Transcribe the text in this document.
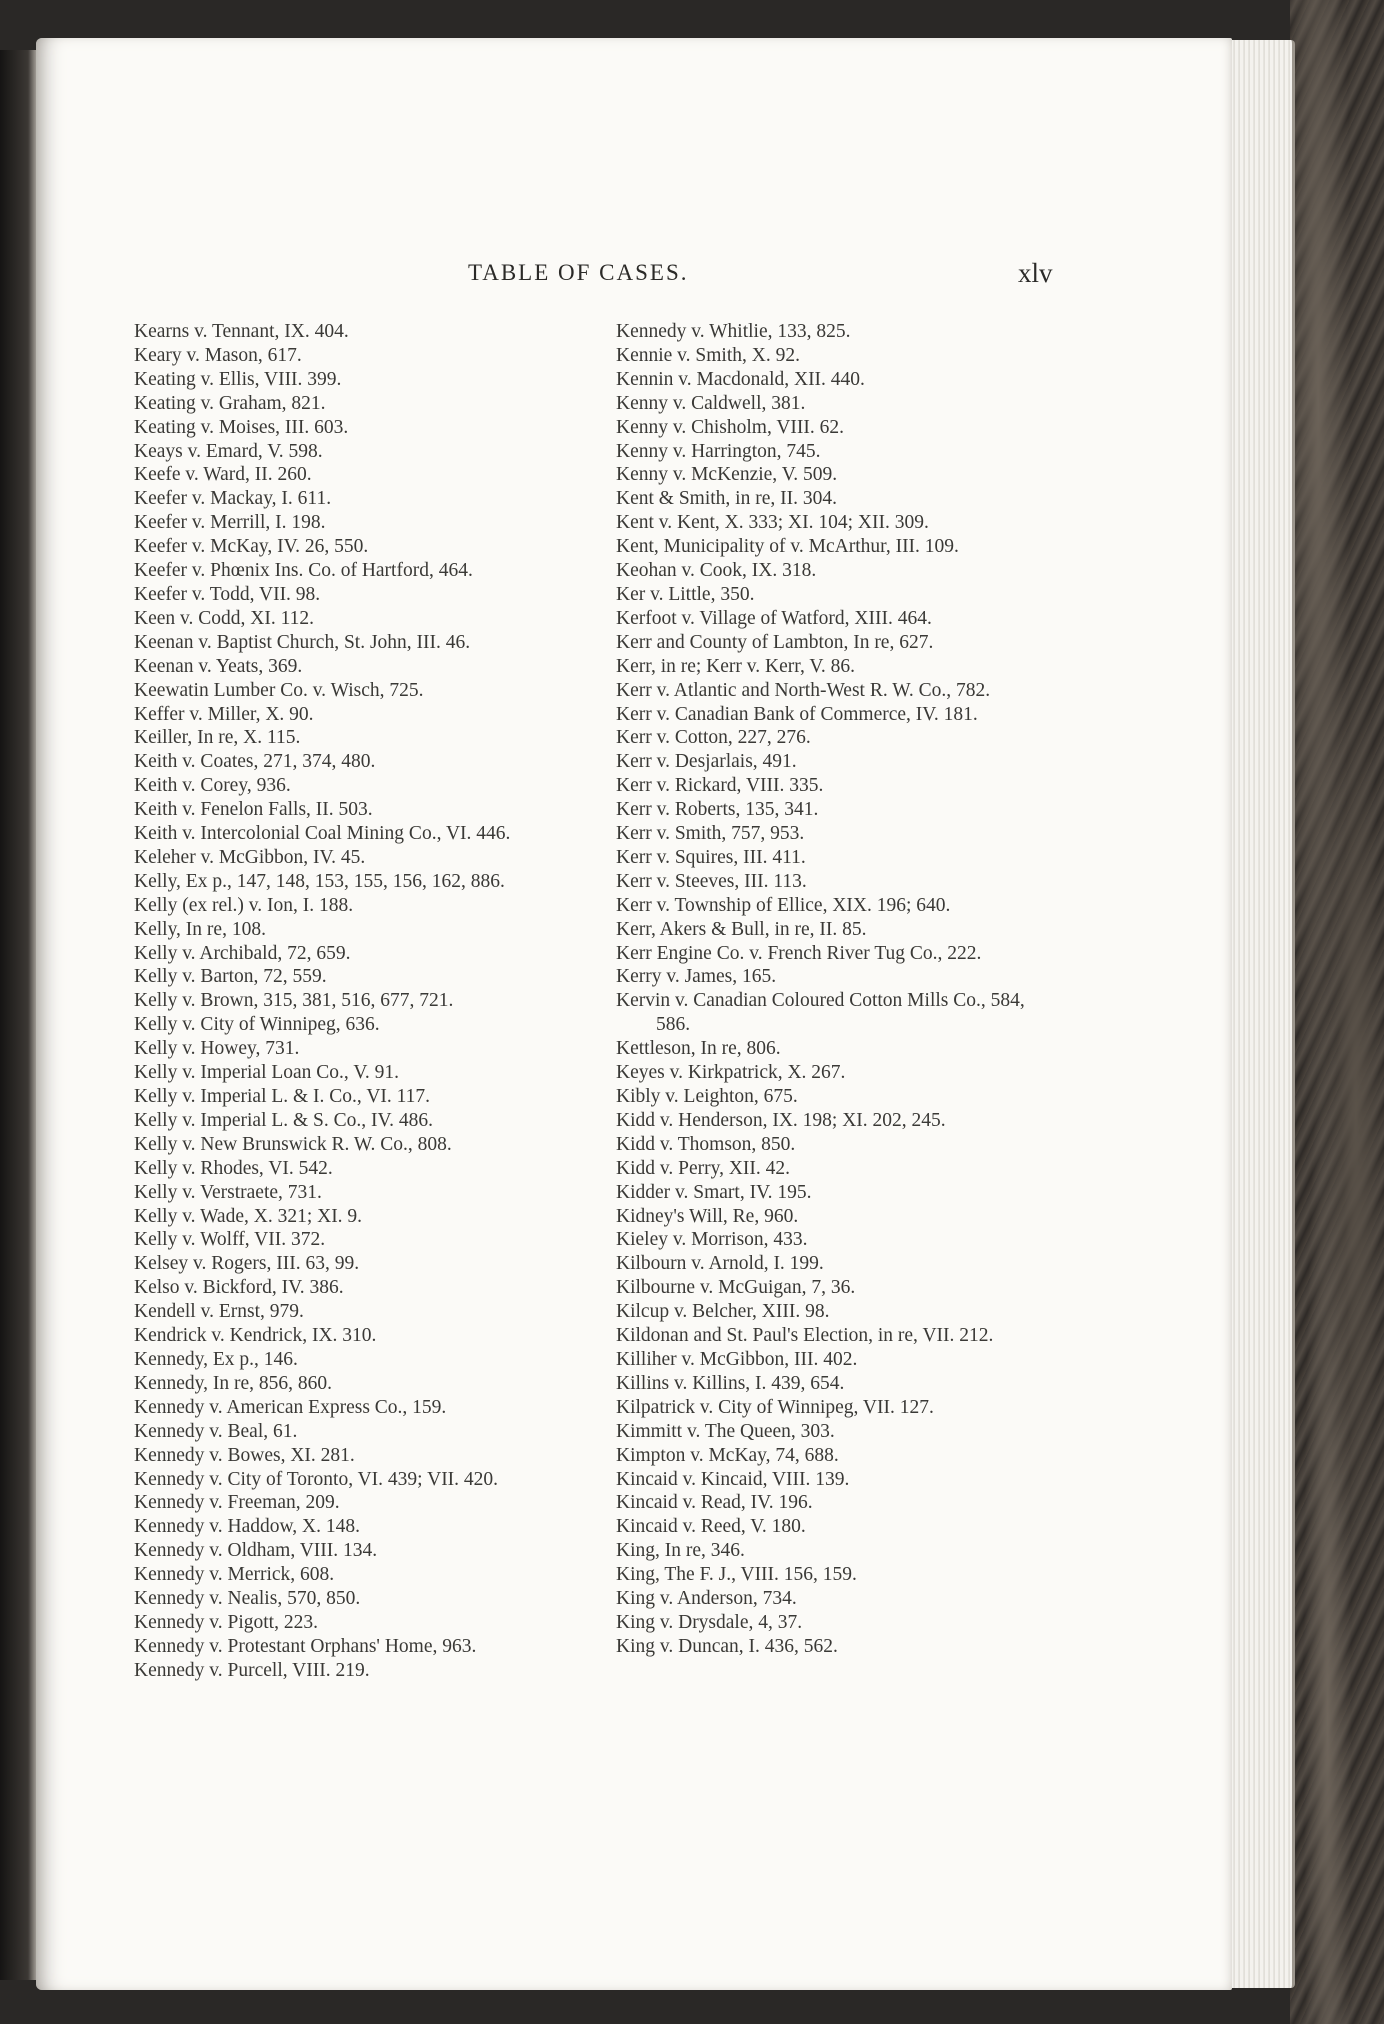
TABLE OF CASES.	xlv
Kearns v. Tennant, IX. 404.
Keary v. Mason, 617.
Keating v. Ellis, VIII. 399.
Keating v. Graham, 821.
Keating v. Moises, III. 603.
Keays v. Emard, V. 598.
Keefe v. Ward, II. 260.
Keefer v. Mackay, I. 611.
Keefer v. Merrill, I. 198.
Keefer v. McKay, IV. 26, 550.
Keefer v. Phœnix Ins. Co. of Hartford, 464.
Keefer v. Todd, VII. 98.
Keen v. Codd, XI. 112.
Keenan v. Baptist Church, St. John, III. 46.
Keenan v. Yeats, 369.
Keewatin Lumber Co. v. Wisch, 725.
Keffer v. Miller, X. 90.
Keiller, In re, X. 115.
Keith v. Coates, 271, 374, 480.
Keith v. Corey, 936.
Keith v. Fenelon Falls, II. 503.
Keith v. Intercolonial Coal Mining Co., VI. 446.
Keleher v. McGibbon, IV. 45.
Kelly, Ex p., 147, 148, 153, 155, 156, 162, 886.
Kelly (ex rel.) v. Ion, I. 188.
Kelly, In re, 108.
Kelly v. Archibald, 72, 659.
Kelly v. Barton, 72, 559.
Kelly v. Brown, 315, 381, 516, 677, 721.
Kelly v. City of Winnipeg, 636.
Kelly v. Howey, 731.
Kelly v. Imperial Loan Co., V. 91.
Kelly v. Imperial L. & I. Co., VI. 117.
Kelly v. Imperial L. & S. Co., IV. 486.
Kelly v. New Brunswick R. W. Co., 808.
Kelly v. Rhodes, VI. 542.
Kelly v. Verstraete, 731.
Kelly v. Wade, X. 321; XI. 9.
Kelly v. Wolff, VII. 372.
Kelsey v. Rogers, III. 63, 99.
Kelso v. Bickford, IV. 386.
Kendell v. Ernst, 979.
Kendrick v. Kendrick, IX. 310.
Kennedy, Ex p., 146.
Kennedy, In re, 856, 860.
Kennedy v. American Express Co., 159.
Kennedy v. Beal, 61.
Kennedy v. Bowes, XI. 281.
Kennedy v. City of Toronto, VI. 439; VII. 420.
Kennedy v. Freeman, 209.
Kennedy v. Haddow, X. 148.
Kennedy v. Oldham, VIII. 134.
Kennedy v. Merrick, 608.
Kennedy v. Nealis, 570, 850.
Kennedy v. Pigott, 223.
Kennedy v. Protestant Orphans' Home, 963.
Kennedy v. Purcell, VIII. 219.
Kennedy v. Whitlie, 133, 825.
Kennie v. Smith, X. 92.
Kennin v. Macdonald, XII. 440.
Kenny v. Caldwell, 381.
Kenny v. Chisholm, VIII. 62.
Kenny v. Harrington, 745.
Kenny v. McKenzie, V. 509.
Kent & Smith, in re, II. 304.
Kent v. Kent, X. 333; XI. 104; XII. 309.
Kent, Municipality of v. McArthur, III. 109.
Keohan v. Cook, IX. 318.
Ker v. Little, 350.
Kerfoot v. Village of Watford, XIII. 464.
Kerr and County of Lambton, In re, 627.
Kerr, in re; Kerr v. Kerr, V. 86.
Kerr v. Atlantic and North-West R. W. Co., 782.
Kerr v. Canadian Bank of Commerce, IV. 181.
Kerr v. Cotton, 227, 276.
Kerr v. Desjarlais, 491.
Kerr v. Rickard, VIII. 335.
Kerr v. Roberts, 135, 341.
Kerr v. Smith, 757, 953.
Kerr v. Squires, III. 411.
Kerr v. Steeves, III. 113.
Kerr v. Township of Ellice, XIX. 196; 640.
Kerr, Akers & Bull, in re, II. 85.
Kerr Engine Co. v. French River Tug Co., 222.
Kerry v. James, 165.
Kervin v. Canadian Coloured Cotton Mills Co., 584, 586.
Kettleson, In re, 806.
Keyes v. Kirkpatrick, X. 267.
Kibly v. Leighton, 675.
Kidd v. Henderson, IX. 198; XI. 202, 245.
Kidd v. Thomson, 850.
Kidd v. Perry, XII. 42.
Kidder v. Smart, IV. 195.
Kidney's Will, Re, 960.
Kieley v. Morrison, 433.
Kilbourn v. Arnold, I. 199.
Kilbourne v. McGuigan, 7, 36.
Kilcup v. Belcher, XIII. 98.
Kildonan and St. Paul's Election, in re, VII. 212.
Killiher v. McGibbon, III. 402.
Killins v. Killins, I. 439, 654.
Kilpatrick v. City of Winnipeg, VII. 127.
Kimmitt v. The Queen, 303.
Kimpton v. McKay, 74, 688.
Kincaid v. Kincaid, VIII. 139.
Kincaid v. Read, IV. 196.
Kincaid v. Reed, V. 180.
King, In re, 346.
King, The F. J., VIII. 156, 159.
King v. Anderson, 734.
King v. Drysdale, 4, 37.
King v. Duncan, I. 436, 562.
